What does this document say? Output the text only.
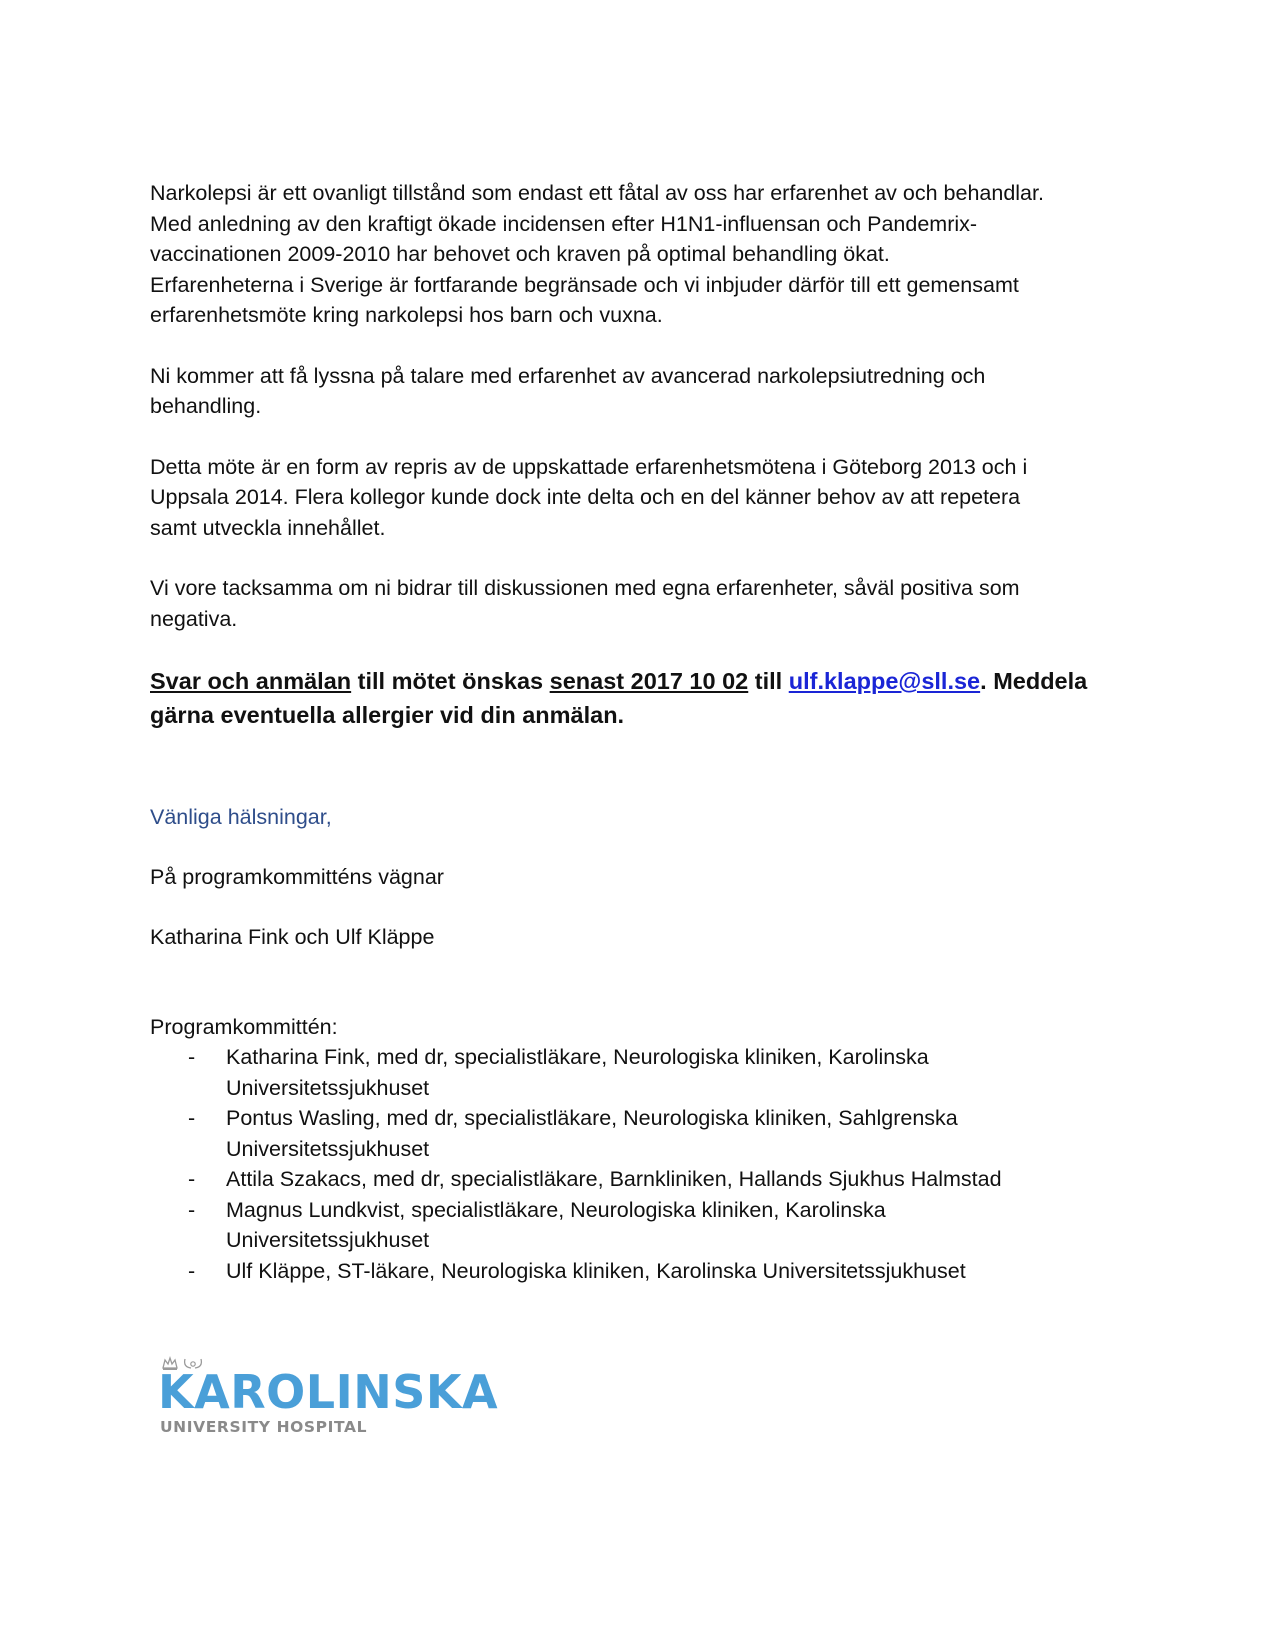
Narkolepsi är ett ovanligt tillstånd som endast ett fåtal av oss har erfarenhet av och behandlar.
Med anledning av den kraftigt ökade incidensen efter H1N1-influensan och Pandemrix-
vaccinationen 2009-2010 har behovet och kraven på optimal behandling ökat.
Erfarenheterna i Sverige är fortfarande begränsade och vi inbjuder därför till ett gemensamt
erfarenhetsmöte kring narkolepsi hos barn och vuxna.

Ni kommer att få lyssna på talare med erfarenhet av avancerad narkolepsiutredning och
behandling.

Detta möte är en form av repris av de uppskattade erfarenhetsmötena i Göteborg 2013 och i
Uppsala 2014. Flera kollegor kunde dock inte delta och en del känner behov av att repetera
samt utveckla innehållet.

Vi vore tacksamma om ni bidrar till diskussionen med egna erfarenheter, såväl positiva som
negativa.

Svar och anmälan till mötet önskas senast 2017 10 02 till ulf.klappe@sll.se. Meddela
gärna eventuella allergier vid din anmälan.

Vänliga hälsningar,

På programkommitténs vägnar

Katharina Fink och Ulf Kläppe

Programkommittén:

- Katharina Fink, med dr, specialistläkare, Neurologiska kliniken, Karolinska
Universitetssjukhuset
- Pontus Wasling, med dr, specialistläkare, Neurologiska kliniken, Sahlgrenska
Universitetssjukhuset
- Attila Szakacs, med dr, specialistläkare, Barnkliniken, Hallands Sjukhus Halmstad
- Magnus Lundkvist, specialistläkare, Neurologiska kliniken, Karolinska
Universitetssjukhuset
- Ulf Kläppe, ST-läkare, Neurologiska kliniken, Karolinska Universitetssjukhuset
KAROLINSKA
UNIVERSITY HOSPITAL
